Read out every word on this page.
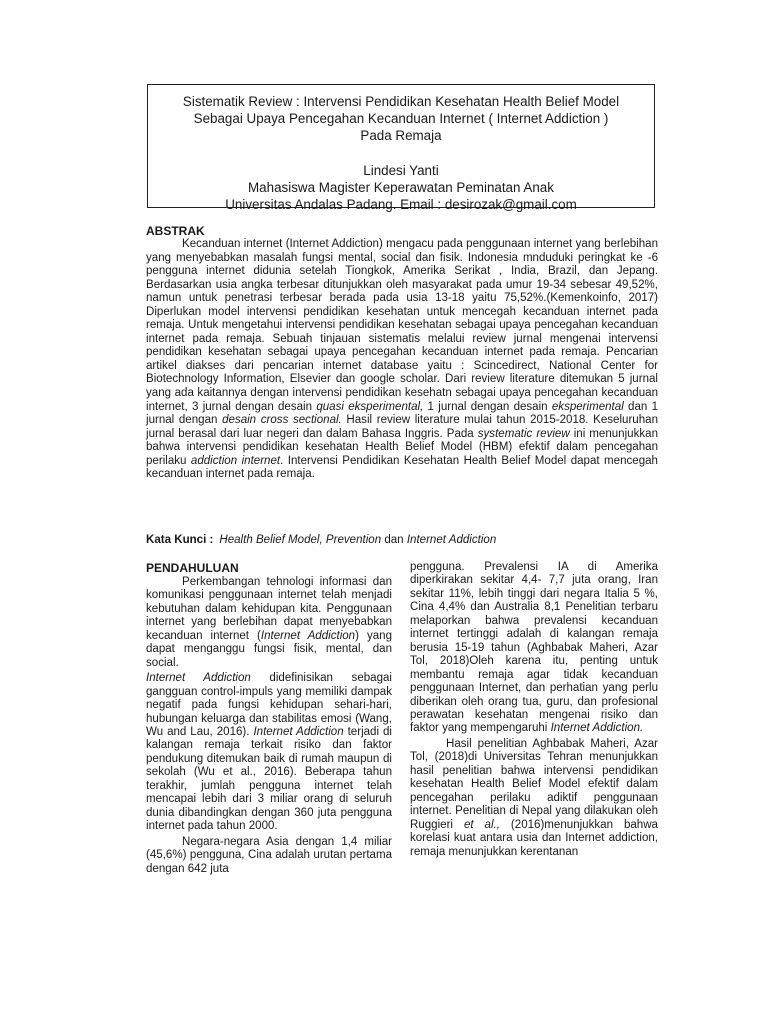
Sistematik Review : Intervensi Pendidikan Kesehatan Health Belief Model
Sebagai Upaya Pencegahan Kecanduan Internet ( Internet Addiction )
Pada Remaja
Lindesi Yanti
Mahasiswa Magister Keperawatan Peminatan Anak
Universitas Andalas Padang. Email : desirozak@gmail.com
ABSTRAK

Kecanduan internet (Internet Addiction) mengacu pada penggunaan internet yang berlebihan yang menyebabkan masalah fungsi mental, social dan fisik. Indonesia mnduduki peringkat ke -6 pengguna internet didunia setelah Tiongkok, Amerika Serikat , India, Brazil, dan Jepang. Berdasarkan usia angka terbesar ditunjukkan oleh masyarakat pada umur 19-34 sebesar 49,52%, namun untuk penetrasi terbesar berada pada usia 13-18 yaitu 75,52%.(Kemenkoinfo, 2017) Diperlukan model intervensi pendidikan kesehatan untuk mencegah kecanduan internet pada remaja. Untuk mengetahui intervensi pendidikan kesehatan sebagai upaya pencegahan kecanduan internet pada remaja. Sebuah tinjauan sistematis melalui review jurnal mengenai intervensi pendidikan kesehatan sebagai upaya pencegahan kecanduan internet pada remaja. Pencarian artikel diakses dari pencarian internet database yaitu : Scincedirect, National Center for Biotechnology Information, Elsevier dan google scholar. Dari review literature ditemukan 5 jurnal yang ada kaitannya dengan intervensi pendidikan kesehatn sebagai upaya pencegahan kecanduan internet, 3 jurnal dengan desain quasi eksperimental, 1 jurnal dengan desain eksperimental dan 1 jurnal dengan desain cross sectional. Hasil review literature mulai tahun 2015-2018. Keseluruhan jurnal berasal dari luar negeri dan dalam Bahasa Inggris. Pada systematic review ini menunjukkan bahwa intervensi pendidikan kesehatan Health Belief Model (HBM) efektif dalam pencegahan perilaku addiction internet. Intervensi Pendidikan Kesehatan Health Belief Model dapat mencegah kecanduan internet pada remaja.

Kata Kunci : Health Belief Model, Prevention dan Internet Addiction
PENDAHULUAN

Perkembangan tehnologi informasi dan komunikasi penggunaan internet telah menjadi kebutuhan dalam kehidupan kita. Penggunaan internet yang berlebihan dapat menyebabkan kecanduan internet (Internet Addiction) yang dapat menganggu fungsi fisik, mental, dan social.

Internet Addiction didefinisikan sebagai gangguan control-impuls yang memiliki dampak negatif pada fungsi kehidupan sehari-hari, hubungan keluarga dan stabilitas emosi (Wang, Wu and Lau, 2016). Internet Addiction terjadi di kalangan remaja terkait risiko dan faktor pendukung ditemukan baik di rumah maupun di sekolah (Wu et al., 2016). Beberapa tahun terakhir, jumlah pengguna internet telah mencapai lebih dari 3 miliar orang di seluruh dunia dibandingkan dengan 360 juta pengguna internet pada tahun 2000.

Negara-negara Asia dengan 1,4 miliar (45,6%) pengguna, Cina adalah urutan pertama dengan 642 juta

pengguna. Prevalensi IA di Amerika diperkirakan sekitar 4,4- 7,7 juta orang, Iran sekitar 11%, lebih tinggi dari negara Italia 5 %, Cina 4,4% dan Australia 8,1 Penelitian terbaru melaporkan bahwa prevalensi kecanduan internet tertinggi adalah di kalangan remaja berusia 15-19 tahun (Aghbabak Maheri, Azar Tol, 2018)Oleh karena itu, penting untuk membantu remaja agar tidak kecanduan penggunaan Internet, dan perhatian yang perlu diberikan oleh orang tua, guru, dan profesional perawatan kesehatan mengenai risiko dan faktor yang mempengaruhi Internet Addiction.

Hasil penelitian Aghbabak Maheri, Azar Tol, (2018)di Universitas Tehran menunjukkan hasil penelitian bahwa intervensi pendidikan kesehatan Health Belief Model efektif dalam pencegahan perilaku adiktif penggunaan internet. Penelitian di Nepal yang dilakukan oleh Ruggieri et al., (2016)menunjukkan bahwa korelasi kuat antara usia dan Internet addiction, remaja menunjukkan kerentanan
